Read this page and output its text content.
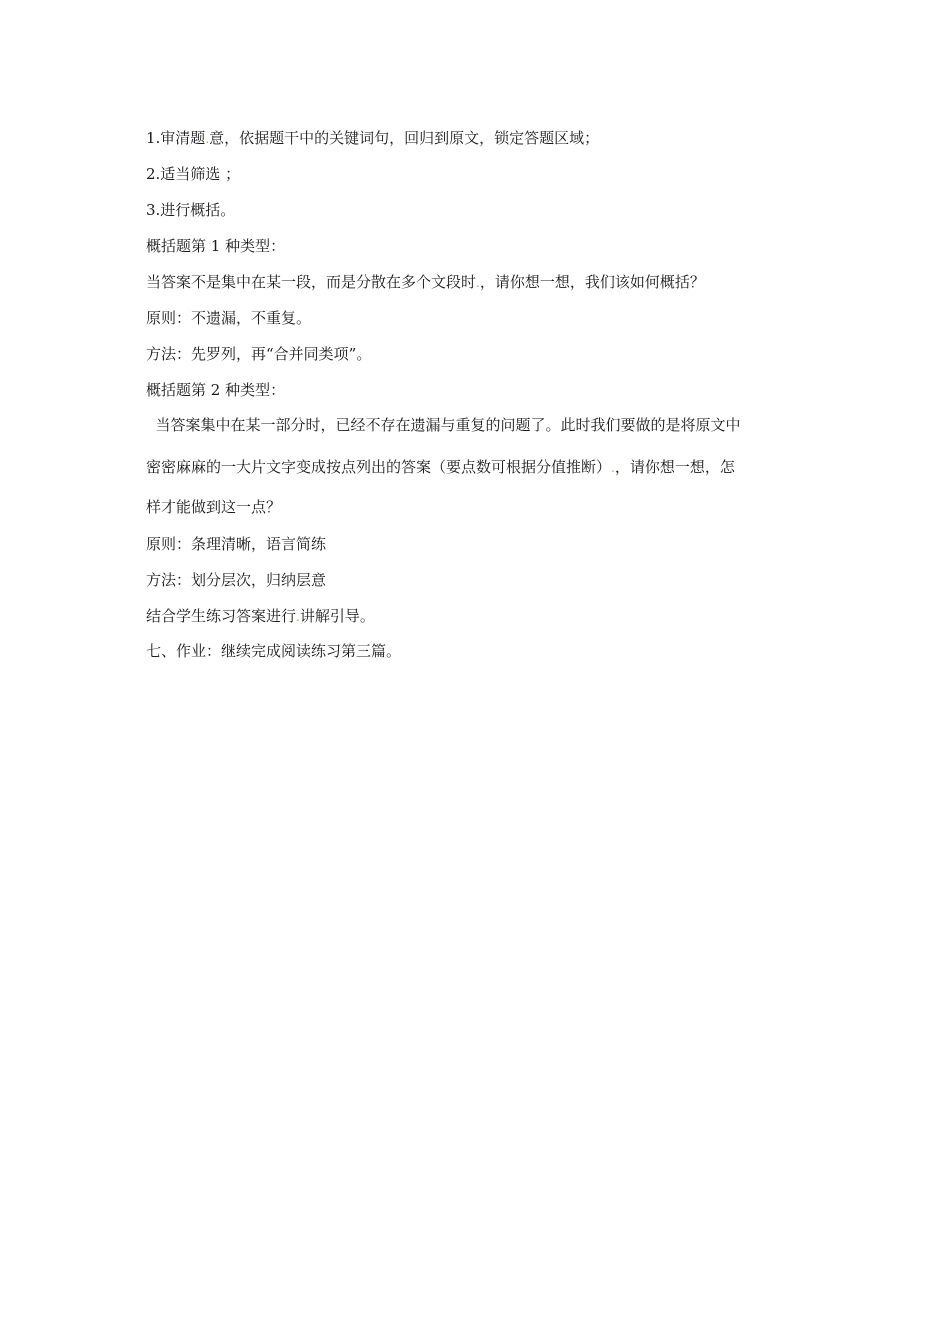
1.审清题.意，依据题干中的关键词句，回归到原文，锁定答题区域；
2.适当筛选 ；
3.进行概括。
概括题第 1 种类型：
当答案不是集中在某一段，而是分散在多个文段时.，请你想一想，我们该如何概括？
原则：不遗漏，不重复。
方法：先罗列，再“合并同类项”。
概括题第 2 种类型：
当答案集中在某一部分时，已经不存在遗漏与重复的问题了。此时我们要做的是将原文中
密密麻麻的一大片文字变成按点列出的答案（要点数可根据分值推断）.，请你想一想，怎
样才能做到这一点？
原则：条理清晰，语言简练
方法：划分层次，归纳层意
结合学生练习答案进行.讲解引导。
七、作业：继续完成阅读练习第三篇。
